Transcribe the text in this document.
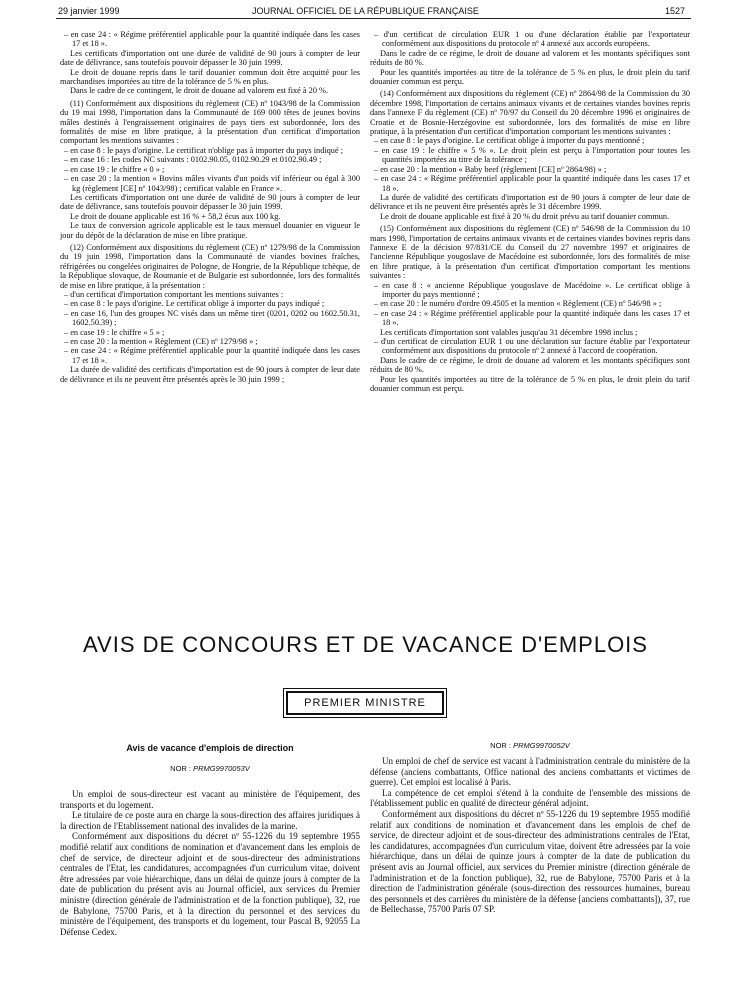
29 janvier 1999	JOURNAL OFFICIEL DE LA RÉPUBLIQUE FRANÇAISE	1527

– en case 24 : « Régime préférentiel applicable pour la quantité indiquée dans les cases 17 et 18 ».

Les certificats d'importation ont une durée de validité de 90 jours à compter de leur date de délivrance, sans toutefois pouvoir dépasser le 30 juin 1999.

Le droit de douane repris dans le tarif douanier commun doit être acquitté pour les marchandises importées au titre de la tolérance de 5 % en plus.

Dans le cadre de ce contingent, le droit de douane ad valorem est fixé à 20 %.

(11) Conformément aux dispositions du règlement (CE) nº 1043/98 de la Commission du 19 mai 1998, l'importation dans la Communauté de 169 000 têtes de jeunes bovins mâles destinés à l'engraissement originaires de pays tiers est subordonnée, lors des formalités de mise en libre pratique, à la présentation d'un certificat d'importation comportant les mentions suivantes :

– en case 8 : le pays d'origine. Le certificat n'oblige pas à importer du pays indiqué ;

– en case 16 : les codes NC suivants : 0102.90.05, 0102.90.29 et 0102.90.49 ;

– en case 19 : le chiffre « 0 » ;

– en case 20 : la mention « Bovins mâles vivants d'un poids vif inférieur ou égal à 300 kg (règlement [CE] nº 1043/98) ; certificat valable en France ».

Les certificats d'importation ont une durée de validité de 90 jours à compter de leur date de délivrance, sans toutefois pouvoir dépasser le 30 juin 1999.

Le droit de douane applicable est 16 % + 58,2 écus aux 100 kg.

Le taux de conversion agricole applicable est le taux mensuel douanier en vigueur le jour du dépôt de la déclaration de mise en libre pratique.

(12) Conformément aux dispositions du règlement (CE) nº 1279/98 de la Commission du 19 juin 1998, l'importation dans la Communauté de viandes bovines fraîches, réfrigérées ou congelées originaires de Pologne, de Hongrie, de la République tchèque, de la République slovaque, de Roumanie et de Bulgarie est subordonnée, lors des formalités de mise en libre pratique, à la présentation :

– d'un certificat d'importation comportant les mentions suivantes :

– en case 8 : le pays d'origine. Le certificat oblige à importer du pays indiqué ;

– en case 16, l'un des groupes NC visés dans un même tiret (0201, 0202 ou 1602.50.31, 1602.50.39) ;

– en case 19 : le chiffre « 5 » ;

– en case 20 : la mention « Règlement (CE) nº 1279/98 » ;

– en case 24 : « Régime préférentiel applicable pour la quantité indiquée dans les cases 17 et 18 ».

La durée de validité des certificats d'importation est de 90 jours à compter de leur date de délivrance et ils ne peuvent être présentés après le 30 juin 1999 ;

– d'un certificat de circulation EUR 1 ou d'une déclaration établie par l'exportateur conformément aux dispositions du protocole nº 4 annexé aux accords européens.

Dans le cadre de ce régime, le droit de douane ad valorem et les montants spécifiques sont réduits de 80 %.

Pour les quantités importées au titre de la tolérance de 5 % en plus, le droit plein du tarif douanier commun est perçu.

(14) Conformément aux dispositions du règlement (CE) nº 2864/98 de la Commission du 30 décembre 1998, l'importation de certains animaux vivants et de certaines viandes bovines repris dans l'annexe F du règlement (CE) nº 70/97 du Conseil du 20 décembre 1996 et originaires de Croatie et de Bosnie-Herzégovine est subordonnée, lors des formalités de mise en libre pratique, à la présentation d'un certificat d'importation comportant les mentions suivantes :

– en case 8 : le pays d'origine. Le certificat oblige à importer du pays mentionné ;

– en case 19 : le chiffre « 5 % ». Le droit plein est perçu à l'importation pour toutes les quantités importées au titre de la tolérance ;

– en case 20 : la mention « Baby beef (règlement [CE] nº 2864/98) » ;

– en case 24 : « Régime préférentiel applicable pour la quantité indiquée dans les cases 17 et 18 ».

La durée de validité des certificats d'importation est de 90 jours à compter de leur date de délivrance et ils ne peuvent être présentés après le 31 décembre 1999.

Le droit de douane applicable est fixé à 20 % du droit prévu au tarif douanier commun.

(15) Conformément aux dispositions du règlement (CE) nº 546/98 de la Commission du 10 mars 1998, l'importation de certains animaux vivants et de certaines viandes bovines repris dans l'annexe E de la décision 97/831/CE du Conseil du 27 novembre 1997 et originaires de l'ancienne République yougoslave de Macédoine est subordonnée, lors des formalités de mise en libre pratique, à la présentation d'un certificat d'importation comportant les mentions suivantes :

– en case 8 : « ancienne République yougoslave de Macédoine ». Le certificat oblige à importer du pays mentionné ;

– en case 20 : le numéro d'ordre 09.4505 et la mention « Règlement (CE) nº 546/98 » ;

– en case 24 : « Régime préférentiel applicable pour la quantité indiquée dans les cases 17 et 18 ».

Les certificats d'importation sont valables jusqu'au 31 décembre 1998 inclus ;

– d'un certificat de circulation EUR 1 ou une déclaration sur facture établie par l'exportateur conformément aux dispositions du protocole nº 2 annexé à l'accord de coopération.

Dans le cadre de ce régime, le droit de douane ad valorem et les montants spécifiques sont réduits de 80 %.

Pour les quantités importées au titre de la tolérance de 5 % en plus, le droit plein du tarif douanier commun est perçu.

AVIS DE CONCOURS ET DE VACANCE D'EMPLOIS
PREMIER MINISTRE
Avis de vacance d'emplois de direction
NOR : PRMG9970053V
NOR : PRMG9970052V

Un emploi de sous-directeur est vacant au ministère de l'équipement, des transports et du logement.

Le titulaire de ce poste aura en charge la sous-direction des affaires juridiques à la direction de l'Etablissement national des invalides de la marine.

Conformément aux dispositions du décret nº 55-1226 du 19 septembre 1955 modifié relatif aux conditions de nomination et d'avancement dans les emplois de chef de service, de directeur adjoint et de sous-directeur des administrations centrales de l'Etat, les candidatures, accompagnées d'un curriculum vitae, doivent être adressées par voie hiérarchique, dans un délai de quinze jours à compter de la date de publication du présent avis au Journal officiel, aux services du Premier ministre (direction générale de l'administration et de la fonction publique), 32, rue de Babylone, 75700 Paris, et à la direction du personnel et des services du ministère de l'équipement, des transports et du logement, tour Pascal B, 92055 La Défense Cedex.

Un emploi de chef de service est vacant à l'administration centrale du ministère de la défense (anciens combattants, Office national des anciens combattants et victimes de guerre). Cet emploi est localisé à Paris.

La compétence de cet emploi s'étend à la conduite de l'ensemble des missions de l'établissement public en qualité de directeur général adjoint.

Conformément aux dispositions du décret nº 55-1226 du 19 septembre 1955 modifié relatif aux conditions de nomination et d'avancement dans les emplois de chef de service, de directeur adjoint et de sous-directeur des administrations centrales de l'Etat, les candidatures, accompagnées d'un curriculum vitae, doivent être adressées par la voie hiérarchique, dans un délai de quinze jours à compter de la date de publication du présent avis au Journal officiel, aux services du Premier ministre (direction générale de l'administration et de la fonction publique), 32, rue de Babylone, 75700 Paris et à la direction de l'administration générale (sous-direction des ressources humaines, bureau des personnels et des carrières du ministère de la défense [anciens combattants]), 37, rue de Bellechasse, 75700 Paris 07 SP.
